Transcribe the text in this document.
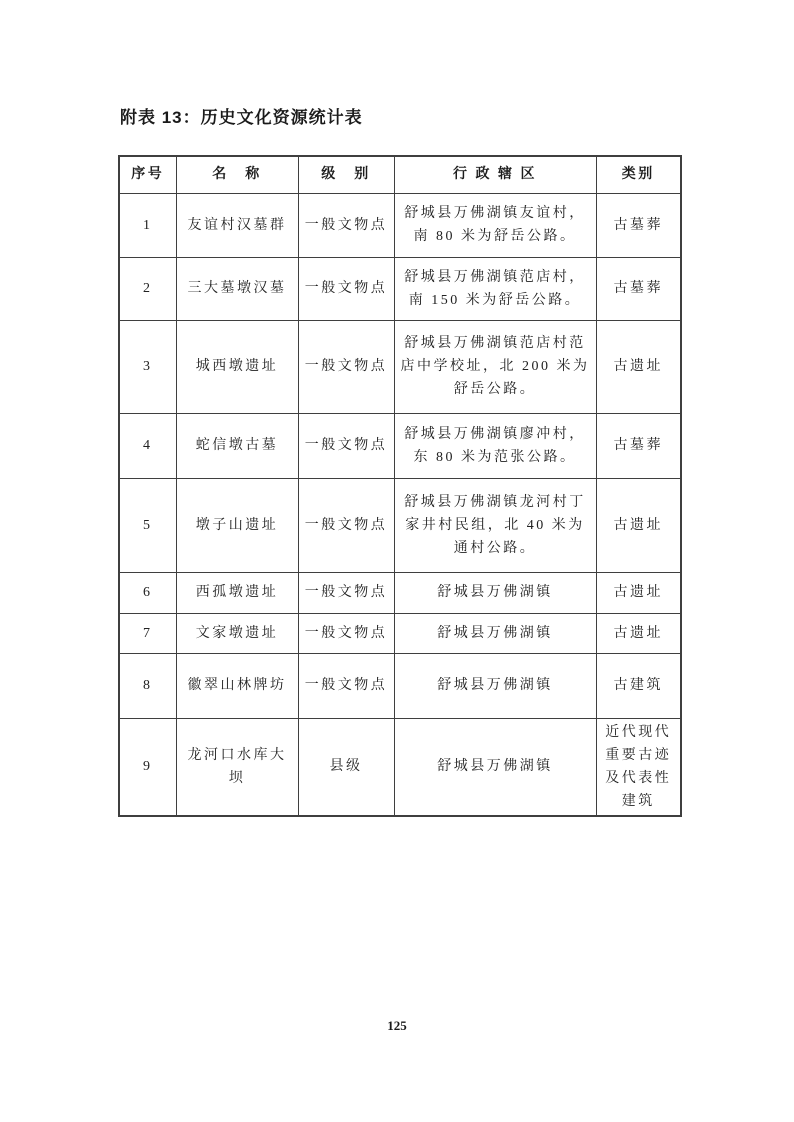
附表 13：历史文化资源统计表
序号	名　称	级　别	行 政 辖 区	类别
1	友谊村汉墓群	一般文物点	舒城县万佛湖镇友谊村，南 80 米为舒岳公路。	古墓葬
2	三大墓墩汉墓	一般文物点	舒城县万佛湖镇范店村，南 150 米为舒岳公路。	古墓葬
3	城西墩遗址	一般文物点	舒城县万佛湖镇范店村范店中学校址，北 200 米为舒岳公路。	古遗址
4	蛇信墩古墓	一般文物点	舒城县万佛湖镇廖冲村，东 80 米为范张公路。	古墓葬
5	墩子山遗址	一般文物点	舒城县万佛湖镇龙河村丁家井村民组，北 40 米为通村公路。	古遗址
6	西孤墩遗址	一般文物点	舒城县万佛湖镇	古遗址
7	文家墩遗址	一般文物点	舒城县万佛湖镇	古遗址
8	徽翠山林牌坊	一般文物点	舒城县万佛湖镇	古建筑
9	龙河口水库大坝	县级	舒城县万佛湖镇	近代现代重要古迹及代表性建筑
125
